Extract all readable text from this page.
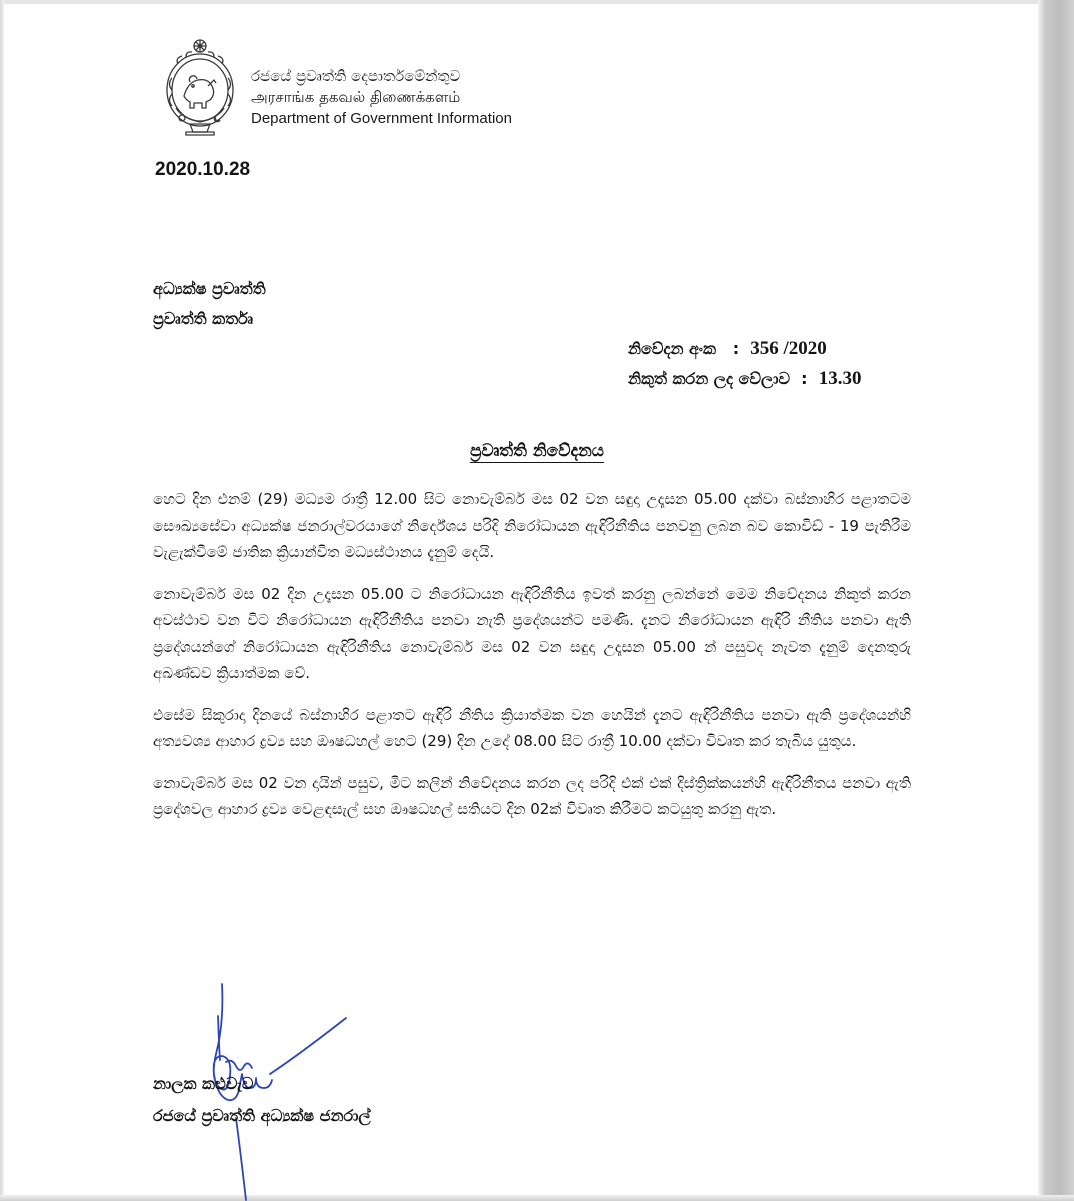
රජයේ ප්‍රවෘත්ති දෙපාර්තමේන්තුව
அரசாங்க தகவல் திணைக்களம்
Department of Government Information
2020.10.28
අධ්‍යක්ෂ ප්‍රවෘත්ති
ප්‍රවෘත්ති කර්තෘ
නිවේදන අංක   :  356 /2020
නිකුත් කරන ලද වේලාව  :  13.30
ප්‍රවෘත්ති නිවේදනය

හෙට දින එනම් (29) මධ්‍යම රාත්‍රී 12.00 සිට නොවැම්බර් මස 02 වන සඳුදා උදෑසන 05.00 දක්වා බස්නාහිර පළාතටම සෞඛ්‍යසේවා අධ්‍යක්ෂ ජනරාල්වරයාගේ නිර්දේශය පරිදි නිරෝධායන ඇඳිරිනීතිය පනවනු ලබන බව කොවිඩ් - 19 පැතිරීම වැළැක්වීමේ ජාතික ක්‍රියාන්විත මධ්‍යස්ථානය දැනුම් දෙයි.

නොවැම්බර් මස 02 දින උදෑසන 05.00 ට නිරෝධායන ඇඳිරිනීතිය ඉවත් කරනු ලබන්නේ මෙම නිවේදනය නිකුත් කරන අවස්ථාව වන විට නිරෝධායන ඇඳිරිනීතිය පනවා නැති ප්‍රදේශයන්ට පමණි. දැනට නිරෝධායන ඇඳිරි නීතිය පනවා ඇති ප්‍රදේශයන්ගේ නිරෝධායන ඇඳිරිනීතිය නොවැම්බර් මස 02 වන සඳුදා උදෑසන 05.00 න් පසුවද නැවත දැනුම් දෙනතුරු අඛණ්ඩව ක්‍රියාත්මක වේ.

එසේම සිකුරාදා දිනයේ බස්නාහිර පළාතට ඇඳිරි නීතිය ක්‍රියාත්මක වන හෙයින් දැනට ඇඳිරිනීතිය පනවා ඇති ප්‍රදේශයන්හි අත්‍යවශ්‍ය ආහාර ද්‍රව්‍ය සහ ඖෂධහල් හෙට (29) දින උදේ 08.00 සිට රාත්‍රී 10.00 දක්වා විවෘත කර තැබිය යුතුය.

නොවැම්බර් මස 02 වන දායින් පසුව, මීට කලින් නිවේදනය කරන ලද පරිදි එක් එක් දිස්ත්‍රික්කයන්හි ඇඳිරිනීතය පනවා ඇති ප්‍රදේශවල ආහාර ද්‍රව්‍ය වෙළඳසැල් සහ ඖෂධහල් සතියට දින 02ක් විවෘත කිරීමට කටයුතු කරනු ඇත.

නාලක කළුවැව
රජයේ ප්‍රවෘත්ති අධ්‍යක්ෂ ජනරාල්
